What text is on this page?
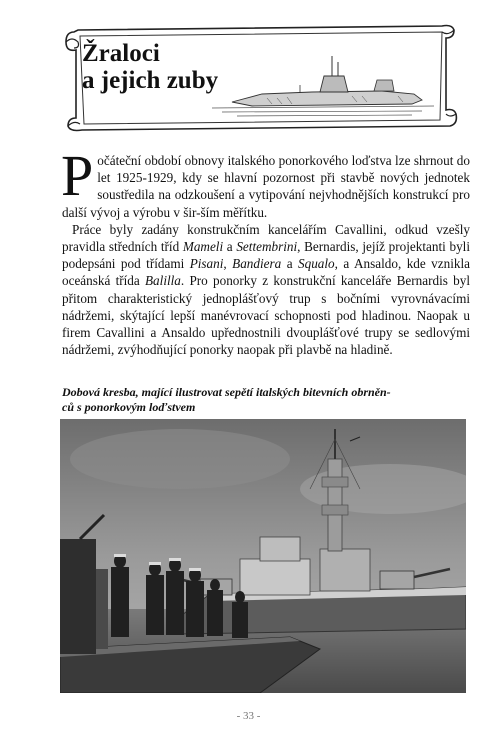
Žraloci
a jejich zuby

Počáteční období obnovy italského ponorkového loďstva lze shrnout do let 1925-1929, kdy se hlavní pozornost při stavbě nových jednotek soustředila na odzkoušení a vytipování nejvhodnějších konstrukcí pro další vývoj a výrobu v šir-ším měřítku.

Práce byly zadány konstrukčním kancelářím Cavallini, odkud vzešly pravidla středních tříd Mameli a Settembrini, Bernardis, jejíž projektanti byli podepsáni pod třídami Pisani, Bandiera a Squalo, a Ansaldo, kde vznikla oceánská třída Balilla. Pro ponorky z konstrukční kanceláře Bernardis byl přitom charakteristický jednoplášťový trup s bočními vyrovnávacími nádržemi, skýtající lepší manévrovací schopnosti pod hladinou. Naopak u firem Cavallini a Ansaldo upřednostnili dvouplášťové trupy se sedlovými nádržemi, zvýhodňující ponorky naopak při plavbě na hladině.

Dobová kresba, mající ilustrovat sepětí italských bitevních obrněn-
ců s ponorkovým loďstvem
- 33 -
